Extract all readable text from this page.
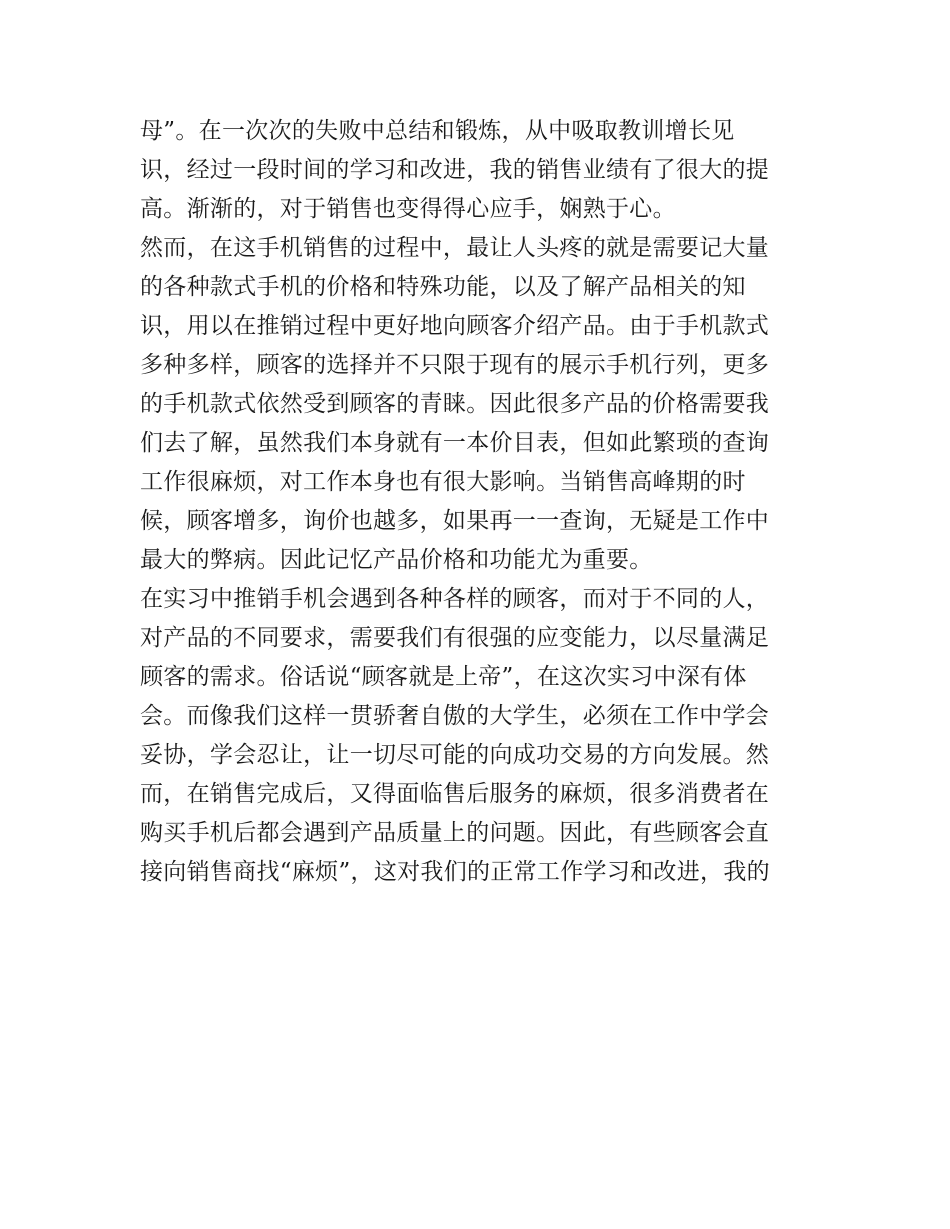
母”。在一次次的失败中总结和锻炼，从中吸取教训增长见
识，经过一段时间的学习和改进，我的销售业绩有了很大的提
高。渐渐的，对于销售也变得得心应手，娴熟于心。
然而，在这手机销售的过程中，最让人头疼的就是需要记大量
的各种款式手机的价格和特殊功能，以及了解产品相关的知
识，用以在推销过程中更好地向顾客介绍产品。由于手机款式
多种多样，顾客的选择并不只限于现有的展示手机行列，更多
的手机款式依然受到顾客的青睐。因此很多产品的价格需要我
们去了解，虽然我们本身就有一本价目表，但如此繁琐的查询
工作很麻烦，对工作本身也有很大影响。当销售高峰期的时
候，顾客增多，询价也越多，如果再一一查询，无疑是工作中
最大的弊病。因此记忆产品价格和功能尤为重要。
在实习中推销手机会遇到各种各样的顾客，而对于不同的人，
对产品的不同要求，需要我们有很强的应变能力，以尽量满足
顾客的需求。俗话说“顾客就是上帝”，在这次实习中深有体
会。而像我们这样一贯骄奢自傲的大学生，必须在工作中学会
妥协，学会忍让，让一切尽可能的向成功交易的方向发展。然
而，在销售完成后，又得面临售后服务的麻烦，很多消费者在
购买手机后都会遇到产品质量上的问题。因此，有些顾客会直
接向销售商找“麻烦”，这对我们的正常工作学习和改进，我的
